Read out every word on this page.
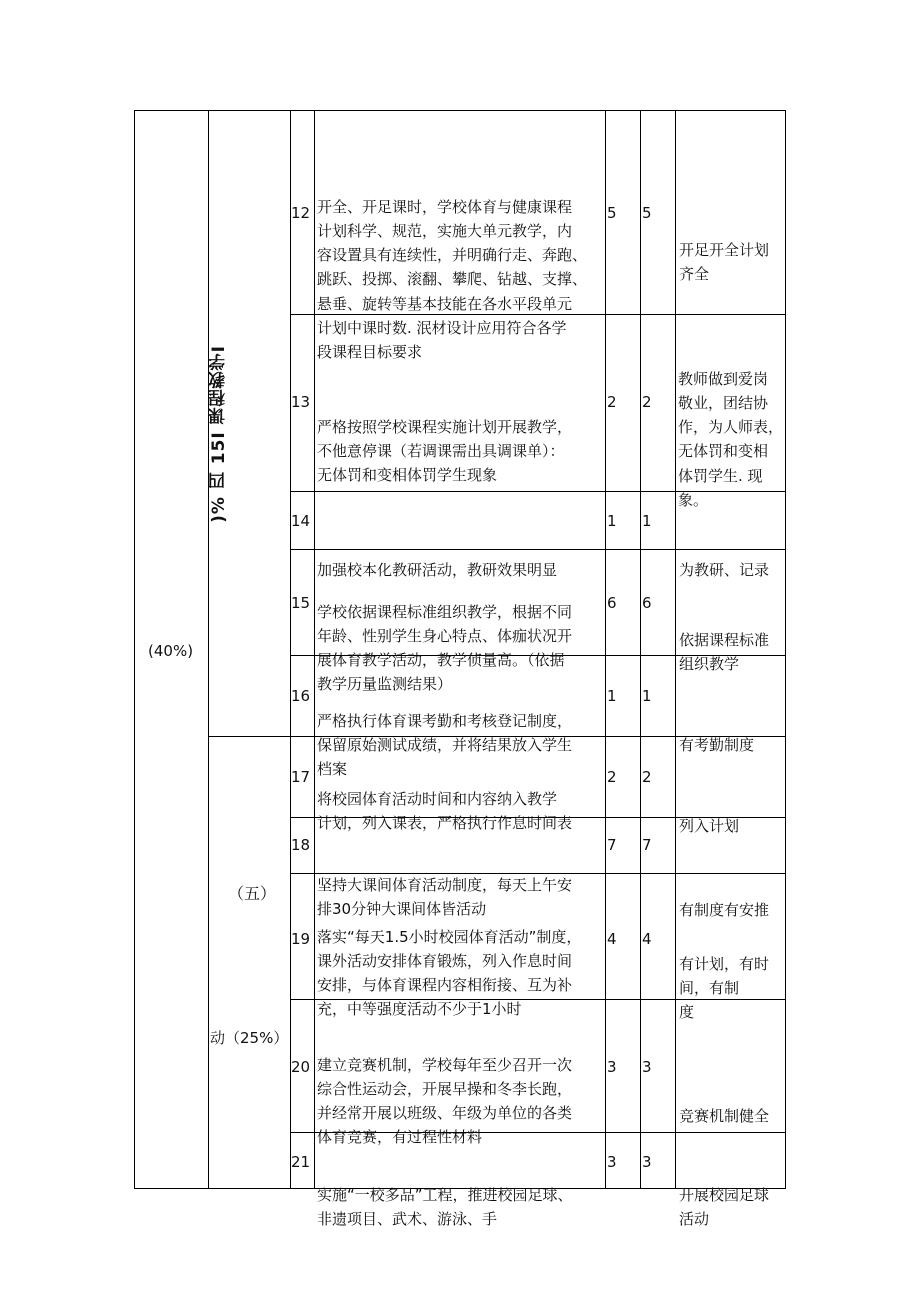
(40%)
)% 四 15I 课程教学I
（五）
动（25%）
12

开全、开足课时，学校体育与健康课程
计划科学、规范，实施大单元教学，内
容设置具有连续性，并明确行走、奔跑、
跳跃、投掷、滚翻、攀爬、钻越、支撑、
悬垂、旋转等基本技能在各水平段单元
计划中课时数. 泯材设计应用符合各学
段课程目标要求

5 5

开足开全计划
齐全

13

严格按照学校课程实施计划开展教学，
不他意停课（若调课需出具调课单）：
无体罚和变相体罚学生现象

2 2

教师做到爱岗
敬业，团结协
作，为人师表，
无体罚和变相
体罚学生. 现
象。

14

加强校本化教研活动，教研效果明显

1 1

为教研、记录

15

学校依据课程标准组织教学，根据不同
年龄、性别学生身心特点、体痂状况开
展体育教学活动，教学侦量高。（依据
教学历量监测结果）

6 6

依据课程标准
组织教学

16

严格执行体育课考勤和考核登记制度，
保留原始测试成绩，并将结果放入学生
档案

1 1

有考勤制度

17

将校园体育活动时间和内容纳入教学
计划，列入课表，严格执行作息时间表

2 2

列入计划

18

坚持大课间体育活动制度，每天上午安
排30分钟大课间体皆活动

7 7

有制度有安推

19

落实“每天1.5小时校园体育活动”制度，
课外活动安排体育锻炼，列入作息时间
安排，与体育课程内容相衔接、互为补
充，中等强度活动不少于1小时

4 4

有计划，有时
间，有制
度

20

建立竞赛机制，学校每年至少召开一次
综合性运动会，开展早操和冬李长跑，
并经常开展以班级、年级为单位的各类
体育竞赛，有过程性材料

3 3

竞赛机制健全

21

实施“一校多品”工程，推进校园足球、
非遗项目、武术、游泳、手

3 3

开展校园足球
活动
